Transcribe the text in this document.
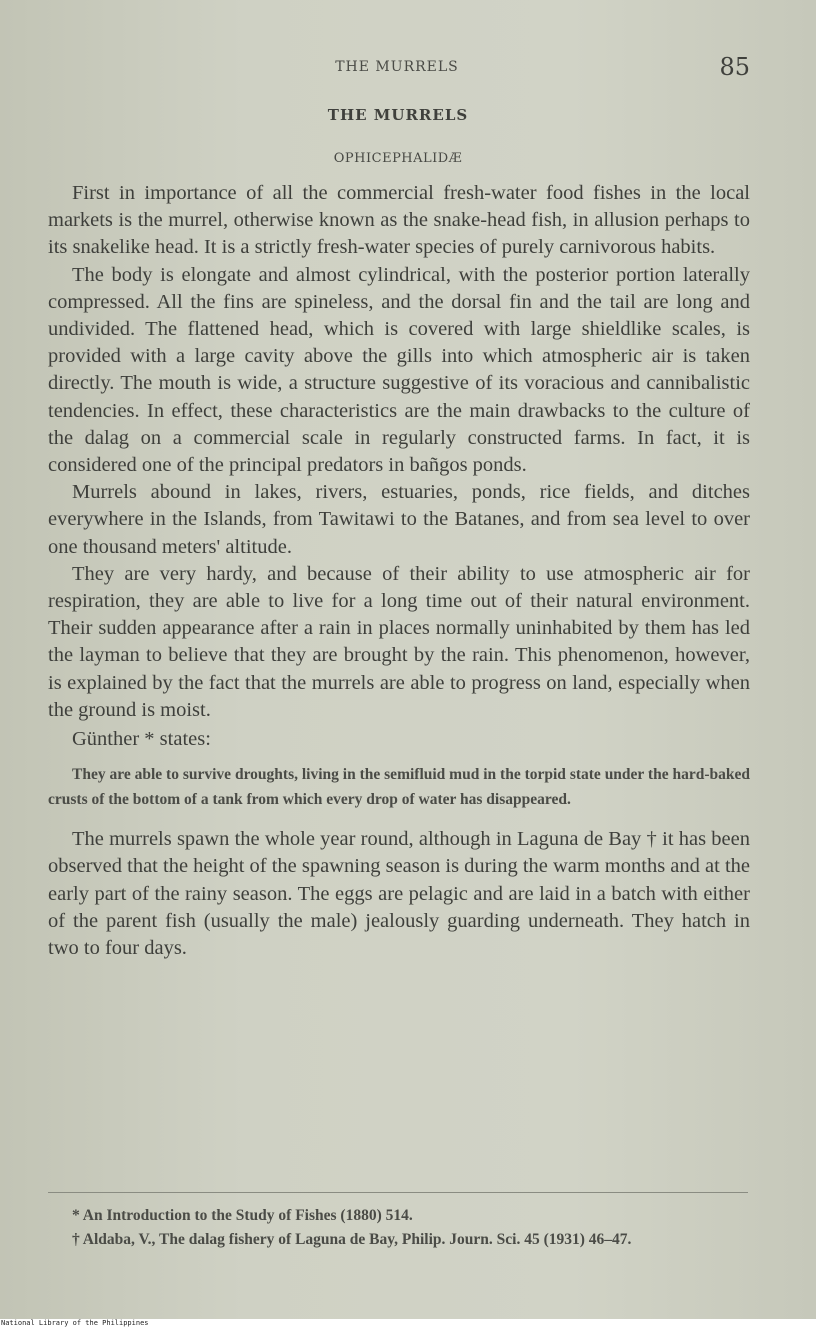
THE MURRELS	85
THE MURRELS
OPHICEPHALIDÆ

First in importance of all the commercial fresh-water food fishes in the local markets is the murrel, otherwise known as the snake-head fish, in allusion perhaps to its snakelike head. It is a strictly fresh-water species of purely carnivorous habits.

The body is elongate and almost cylindrical, with the posterior portion laterally compressed. All the fins are spineless, and the dorsal fin and the tail are long and undivided. The flattened head, which is covered with large shieldlike scales, is provided with a large cavity above the gills into which atmospheric air is taken directly. The mouth is wide, a structure suggestive of its voracious and cannibalistic tendencies. In effect, these characteristics are the main drawbacks to the culture of the dalag on a commercial scale in regularly constructed farms. In fact, it is considered one of the principal predators in bañgos ponds.

Murrels abound in lakes, rivers, estuaries, ponds, rice fields, and ditches everywhere in the Islands, from Tawitawi to the Batanes, and from sea level to over one thousand meters' altitude.

They are very hardy, and because of their ability to use atmospheric air for respiration, they are able to live for a long time out of their natural environment. Their sudden appearance after a rain in places normally uninhabited by them has led the layman to believe that they are brought by the rain. This phenomenon, however, is explained by the fact that the murrels are able to progress on land, especially when the ground is moist.

Günther * states:

They are able to survive droughts, living in the semifluid mud in the torpid state under the hard-baked crusts of the bottom of a tank from which every drop of water has disappeared.

The murrels spawn the whole year round, although in Laguna de Bay † it has been observed that the height of the spawning season is during the warm months and at the early part of the rainy season. The eggs are pelagic and are laid in a batch with either of the parent fish (usually the male) jealously guarding underneath. They hatch in two to four days.

* An Introduction to the Study of Fishes (1880) 514.

† Aldaba, V., The dalag fishery of Laguna de Bay, Philip. Journ. Sci. 45 (1931) 46–47.

National Library of the Philippines
